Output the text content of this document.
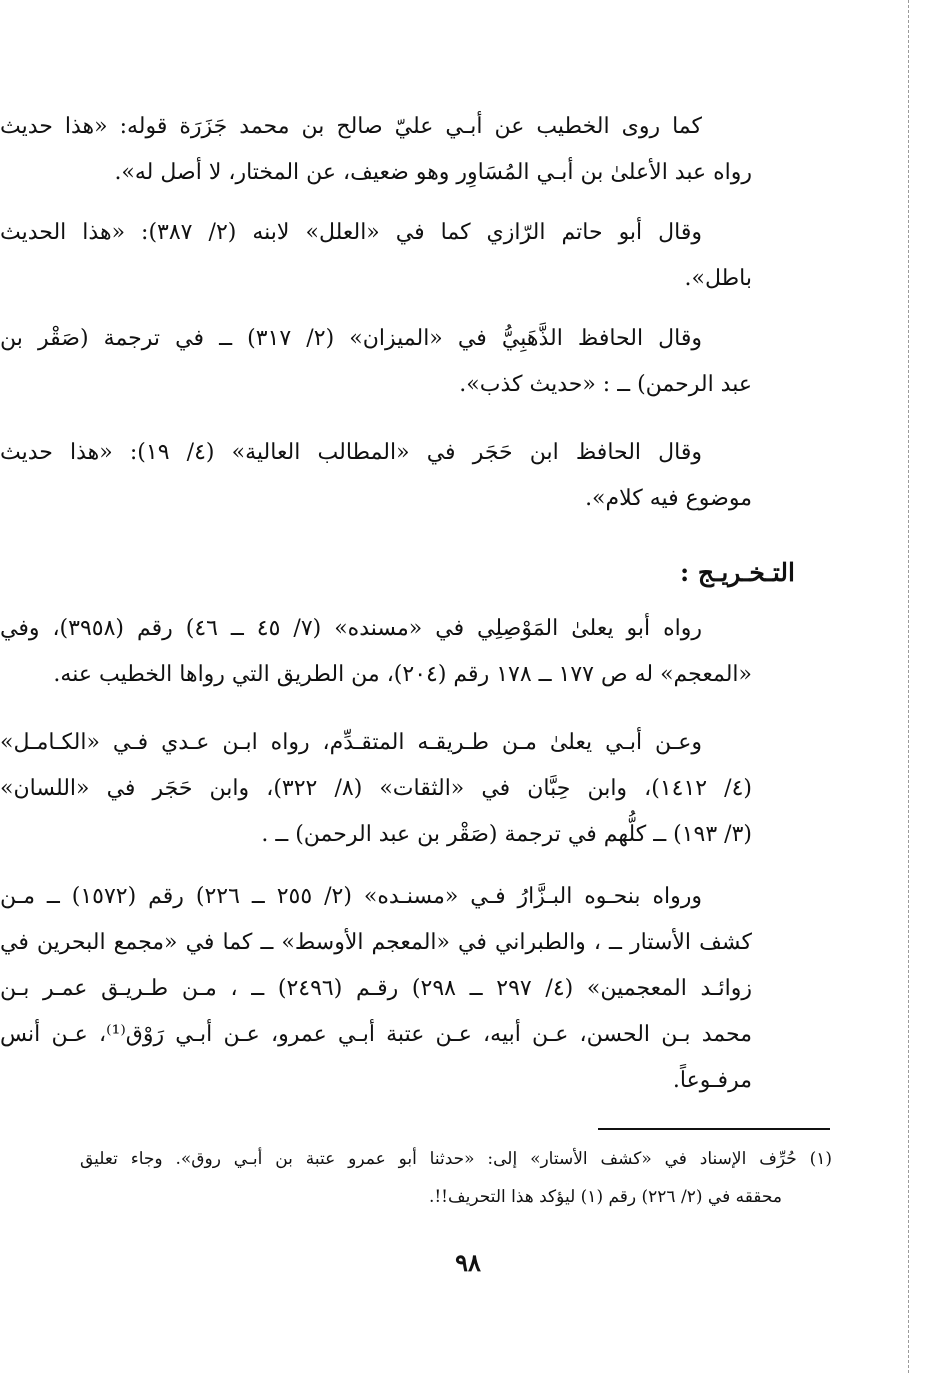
كما روى الخطيب عن أبـي عليّ صالح بن محمد جَزَرَة قوله: «هذا حديث
رواه عبد الأعلىٰ بن أبـي المُسَاوِر وهو ضعيف، عن المختار، لا أصل له».
وقال أبو حاتم الرّازي كما في «العلل» لابنه (٢/ ٣٨٧): «هذا الحديث
باطل».
وقال الحافظ الذَّهَبِيُّ في «الميزان» (٢/ ٣١٧) ــ في ترجمة (صَقْر بن
عبد الرحمن) ــ : «حديث كذب».
وقال الحافظ ابن حَجَر في «المطالب العالية» (٤/ ١٩): «هذا حديث
موضوع فيه كلام».
رواه أبو يعلىٰ المَوْصِلِي في «مسنده» (٧/ ٤٥ ــ ٤٦) رقم (٣٩٥٨)، وفي
«المعجم» له ص ١٧٧ ــ ١٧٨ رقم (٢٠٤)، من الطريق التي رواها الخطيب عنه.
وعـن أبـي يعلىٰ مـن طـريقـه المتقـدِّم، رواه ابـن عـدي فـي «الكـامـل»
(٤/ ١٤١٢)، وابن حِبَّان في «الثقات» (٨/ ٣٢٢)، وابن حَجَر في «اللسان»
(٣/ ١٩٣) ــ كلُّهم في ترجمة (صَقْر بن عبد الرحمن) ــ .
ورواه بنحـوه البـزَّارُ فـي «مسنـده» (٢/ ٢٥٥ ــ ٢٢٦) رقم (١٥٧٢) ــ مـن
كشف الأستار ــ ، والطبراني في «المعجم الأوسط» ــ كما في «مجمع البحرين في
زوائـد المعجمين» (٤/ ٢٩٧ ــ ٢٩٨) رقـم (٢٤٩٦) ــ ، مـن طـريـق عمـر بـن
محمد بـن الحسن، عـن أبيه، عـن عتبة أبـي عمرو، عـن أبـي رَوْق⁽¹⁾، عـن أنس
مرفـوعاً.
التـخـريـج :
(١) حُرِّف الإسناد في «كشف الأستار» إلى: «حدثنا أبو عمرو عتبة بن أبـي روق». وجاء تعليق
محققه في (٢/ ٢٢٦) رقم (١) ليؤكد هذا التحريف!!.
٩٨
